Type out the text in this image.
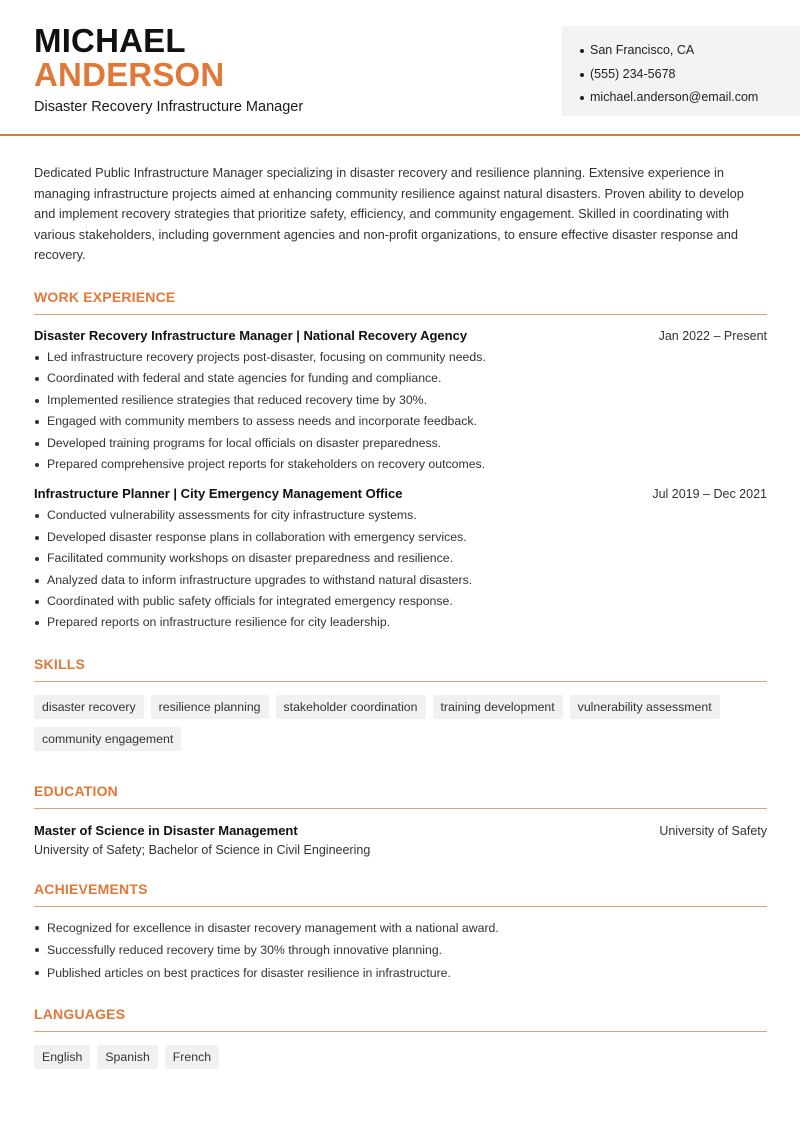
MICHAEL
ANDERSON
Disaster Recovery Infrastructure Manager
San Francisco, CA
(555) 234-5678
michael.anderson@email.com

Dedicated Public Infrastructure Manager specializing in disaster recovery and resilience planning. Extensive experience in managing infrastructure projects aimed at enhancing community resilience against natural disasters. Proven ability to develop and implement recovery strategies that prioritize safety, efficiency, and community engagement. Skilled in coordinating with various stakeholders, including government agencies and non-profit organizations, to ensure effective disaster response and recovery.

WORK EXPERIENCE
Disaster Recovery Infrastructure Manager | National Recovery Agency	Jan 2022 – Present
Led infrastructure recovery projects post-disaster, focusing on community needs.
Coordinated with federal and state agencies for funding and compliance.
Implemented resilience strategies that reduced recovery time by 30%.
Engaged with community members to assess needs and incorporate feedback.
Developed training programs for local officials on disaster preparedness.
Prepared comprehensive project reports for stakeholders on recovery outcomes.
Infrastructure Planner | City Emergency Management Office	Jul 2019 – Dec 2021
Conducted vulnerability assessments for city infrastructure systems.
Developed disaster response plans in collaboration with emergency services.
Facilitated community workshops on disaster preparedness and resilience.
Analyzed data to inform infrastructure upgrades to withstand natural disasters.
Coordinated with public safety officials for integrated emergency response.
Prepared reports on infrastructure resilience for city leadership.
SKILLS
disaster recovery	resilience planning	stakeholder coordination	training development	vulnerability assessment
community engagement
EDUCATION
Master of Science in Disaster Management	University of Safety
University of Safety; Bachelor of Science in Civil Engineering
ACHIEVEMENTS
Recognized for excellence in disaster recovery management with a national award.
Successfully reduced recovery time by 30% through innovative planning.
Published articles on best practices for disaster resilience in infrastructure.
LANGUAGES
English	Spanish	French
